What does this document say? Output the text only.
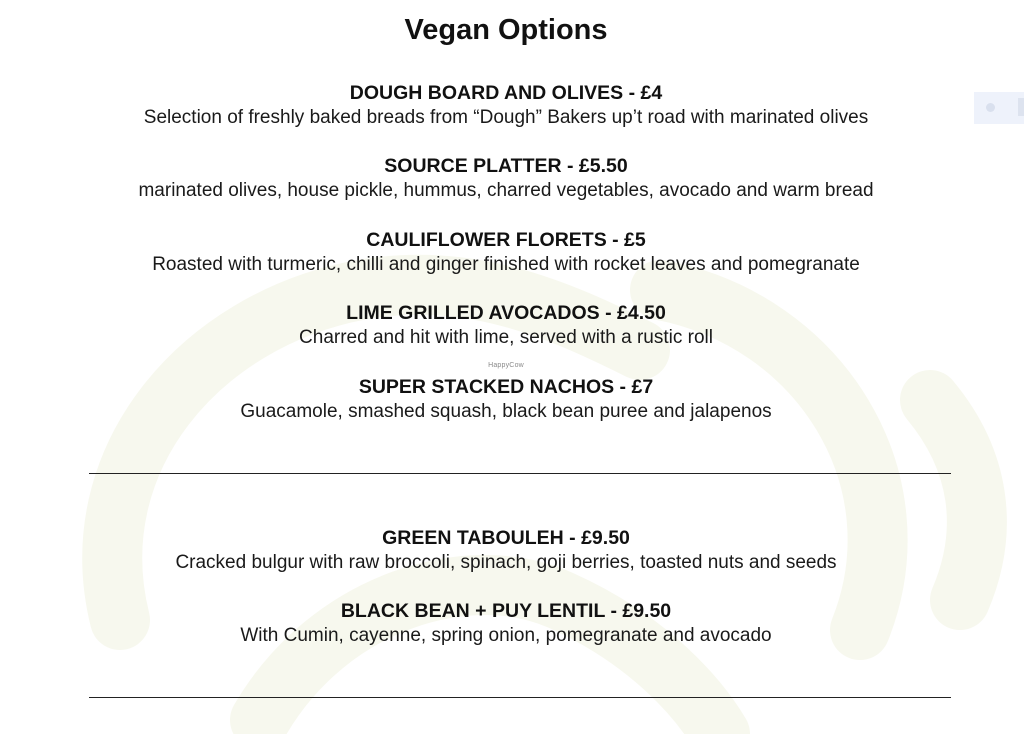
Vegan Options
DOUGH BOARD AND OLIVES - £4
Selection of freshly baked breads from “Dough” Bakers up’t road with marinated olives
SOURCE PLATTER - £5.50
marinated olives, house pickle, hummus, charred vegetables, avocado and warm bread
CAULIFLOWER FLORETS - £5
Roasted with turmeric, chilli and ginger finished with rocket leaves and pomegranate
LIME GRILLED AVOCADOS - £4.50
Charred and hit with lime, served with a rustic roll
HappyCow
SUPER STACKED NACHOS - £7
Guacamole, smashed squash, black bean puree and jalapenos
GREEN TABOULEH - £9.50
Cracked bulgur with raw broccoli, spinach, goji berries, toasted nuts and seeds
BLACK BEAN + PUY LENTIL - £9.50
With Cumin, cayenne, spring onion, pomegranate and avocado
